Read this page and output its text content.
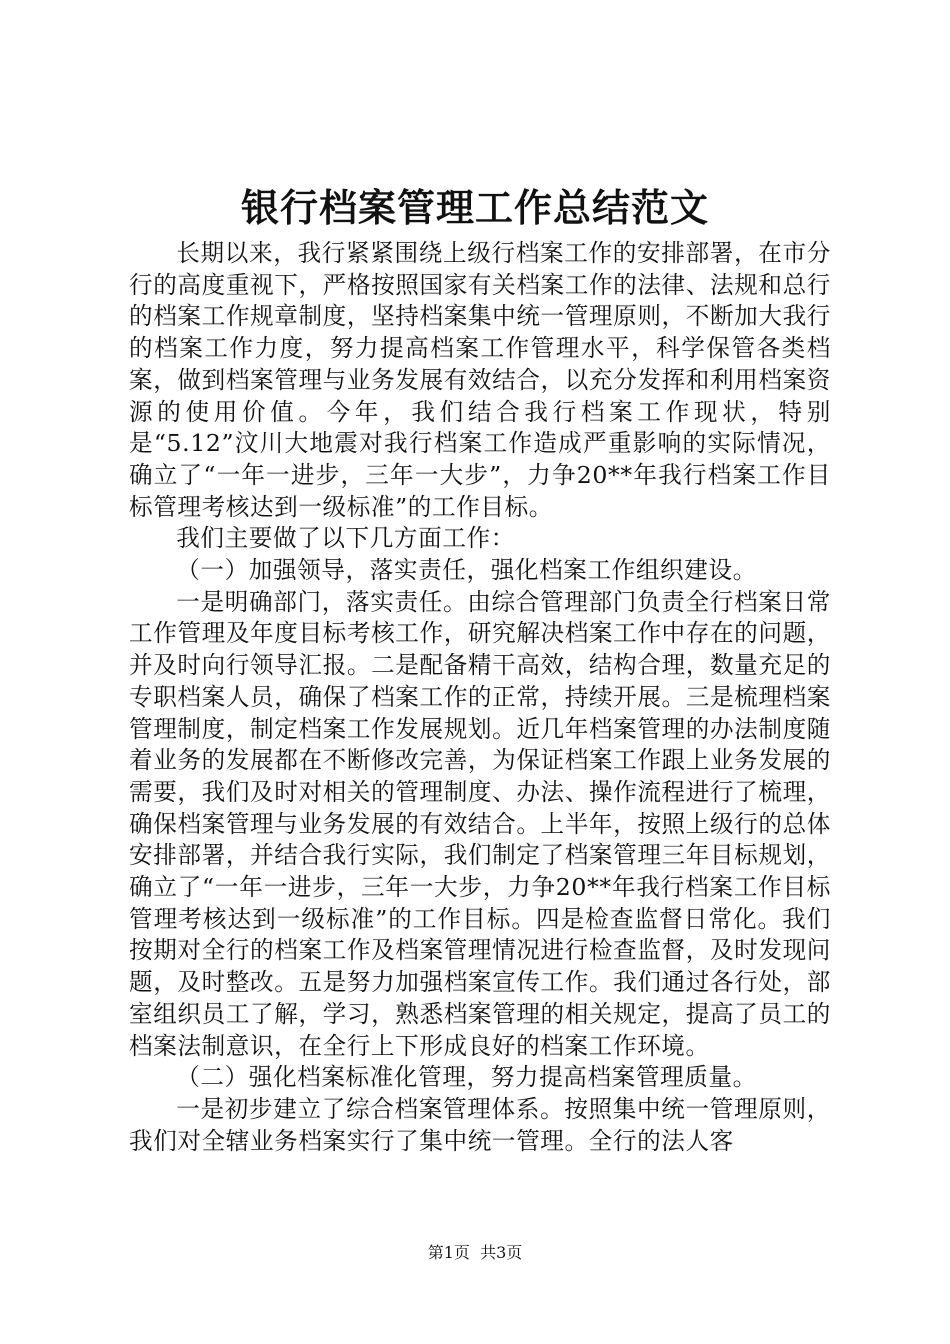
银行档案管理工作总结范文

长期以来，我行紧紧围绕上级行档案工作的安排部署，在市分行的高度重视下，严格按照国家有关档案工作的法律、法规和总行的档案工作规章制度，坚持档案集中统一管理原则，不断加大我行的档案工作力度，努力提高档案工作管理水平，科学保管各类档案，做到档案管理与业务发展有效结合，以充分发挥和利用档案资源的使用价值。今年，我们结合我行档案工作现状，特别是“5.12”汶川大地震对我行档案工作造成严重影响的实际情况，确立了“一年一进步，三年一大步”，力争20**年我行档案工作目标管理考核达到一级标准”的工作目标。

我们主要做了以下几方面工作：

（一）加强领导，落实责任，强化档案工作组织建设。

一是明确部门，落实责任。由综合管理部门负责全行档案日常工作管理及年度目标考核工作，研究解决档案工作中存在的问题，并及时向行领导汇报。二是配备精干高效，结构合理，数量充足的专职档案人员，确保了档案工作的正常，持续开展。三是梳理档案管理制度，制定档案工作发展规划。近几年档案管理的办法制度随着业务的发展都在不断修改完善，为保证档案工作跟上业务发展的需要，我们及时对相关的管理制度、办法、操作流程进行了梳理，确保档案管理与业务发展的有效结合。上半年，按照上级行的总体安排部署，并结合我行实际，我们制定了档案管理三年目标规划，确立了“一年一进步，三年一大步，力争20**年我行档案工作目标管理考核达到一级标准”的工作目标。四是检查监督日常化。我们按期对全行的档案工作及档案管理情况进行检查监督，及时发现问题，及时整改。五是努力加强档案宣传工作。我们通过各行处，部室组织员工了解，学习，熟悉档案管理的相关规定，提高了员工的档案法制意识，在全行上下形成良好的档案工作环境。

（二）强化档案标准化管理，努力提高档案管理质量。

一是初步建立了综合档案管理体系。按照集中统一管理原则，我们对全辖业务档案实行了集中统一管理。全行的法人客

第1页 共3页
